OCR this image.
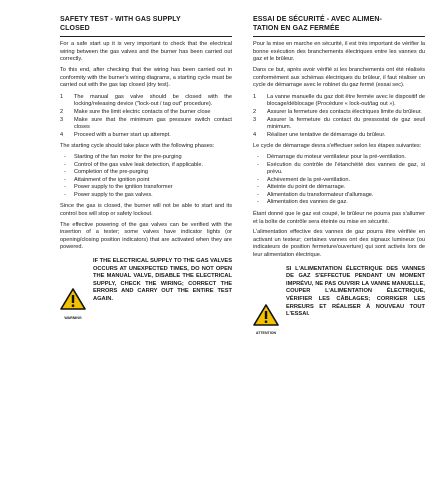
SAFETY TEST - WITH GAS SUPPLY
CLOSED

For a safe start up it is very important to check that the electrical wiring between the gas valves and the burner has been carried out correctly.

To this end, after checking that the wiring has been carried out in conformity with the burner's wiring diagrams, a starting cycle must be carried out with the gas tap closed (dry test).

1 The manual gas valve should be closed with the locking/releasing device ("lock-out / tag out" procedure).
2 Make sure the limit electric contacts of the burner close
3 Make sure that the minimum gas pressure switch contact closes
4 Proceed with a burner start up attempt.

The starting cycle should take place with the following phases:

- Starting of the fan motor for the pre-purging
- Control of the gas valve leak detection, if applicable.
- Completion of the pre-purging
- Attainment of the ignition point
- Power supply to the ignition transformer
- Power supply to the gas valves.

Since the gas is closed, the burner will not be able to start and its control box will stop or safety lockout.

The effective powering of the gas valves can be verified with the insertion of a tester; some valves have indicator lights (or opening/closing position indicators) that are activated when they are powered.

WARNING
IF THE ELECTRICAL SUPPLY TO THE GAS VALVES OCCURS AT UNEXPECTED TIMES, DO NOT OPEN THE MANUAL VALVE, DISABLE THE ELECTRICAL SUPPLY, CHECK THE WIRING; CORRECT THE ERRORS AND CARRY OUT THE ENTIRE TEST AGAIN.
ESSAI DE SÉCURITÉ - AVEC ALIMEN-
TATION EN GAZ FERMÉE

Pour la mise en marche en sécurité, il est très important de vérifier la bonne exécution des branchements électriques entre les vannes du gaz et le brûleur.

Dans ce but, après avoir vérifié si les branchements ont été réalisés conformément aux schémas électriques du brûleur, il faut réaliser un cycle de démarrage avec le robinet du gaz fermé (essai sec).

1 La vanne manuelle du gaz doit être fermée avec le dispositif de blocage/déblocage (Procédure « lock-out/tag out »).
2 Assurer la fermeture des contacts électriques limite du brûleur.
3 Assurer la fermeture du contact du pressostat de gaz seuil minimum.
4 Réaliser une tentative de démarrage du brûleur.

Le cycle de démarrage devra s'effectuer selon les étapes suivantes:

- Démarrage du moteur ventilateur pour la pré-ventilation.
- Exécution du contrôle de l'étanchéité des vannes de gaz, si prévu.
- Achèvement de la pré-ventilation.
- Atteinte du point de démarrage.
- Alimentation du transformateur d'allumage.
- Alimentation des vannes de gaz.

Étant donné que le gaz est coupé, le brûleur ne pourra pas s'allumer et la boîte de contrôle sera éteinte ou mise en sécurité.

L'alimentation effective des vannes de gaz pourra être vérifiée en activant un testeur; certaines vannes ont des signaux lumineux (ou indicateurs de position fermeture/ouverture) qui sont activés lors de leur alimentation électrique.

ATTENTION
SI L'ALIMENTATION ÉLECTRIQUE DES VANNES DE GAZ S'EFFECTUE PENDANT UN MOMENT IMPRÉVU, NE PAS OUVRIR LA VANNE MANUELLE, COUPER L'ALIMENTATION ÉLECTRIQUE, VÉRIFIER LES CÂBLAGES; CORRIGER LES ERREURS ET RÉALISER À NOUVEAU TOUT L'ESSAI.
